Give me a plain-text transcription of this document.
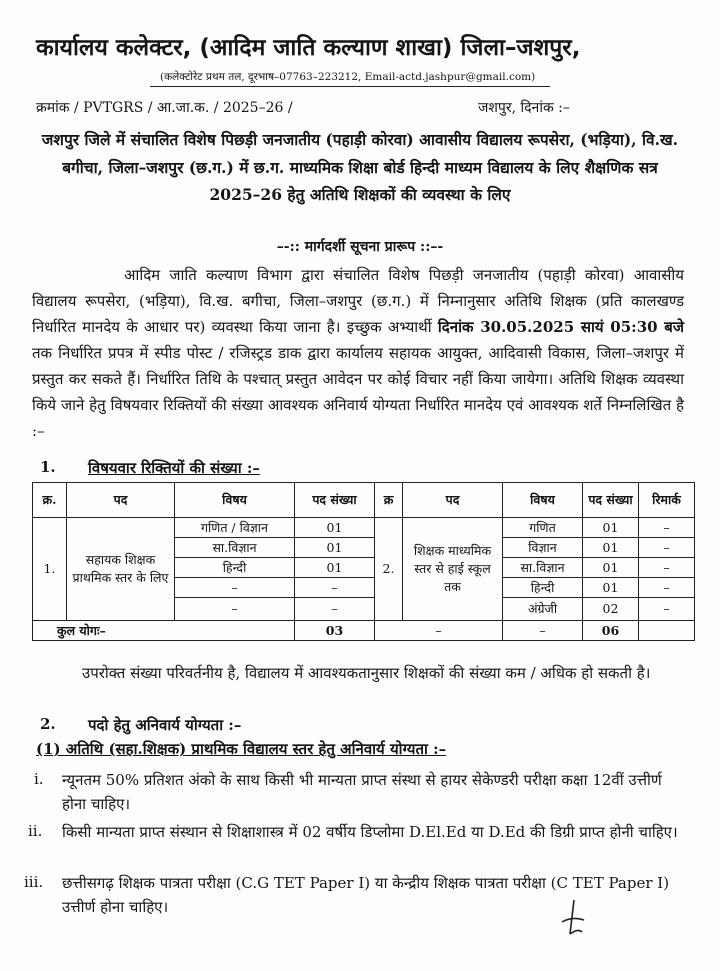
कार्यालय कलेक्टर, (आदिम जाति कल्याण शाखा) जिला–जशपुर,
(कलेक्टोरेट प्रथम तल, दूरभाष–07763–223212, Email-actd.jashpur@gmail.com)
क्रमांक / PVTGRS / आ.जा.क. / 2025–26 /	जशपुर, दिनांक :–
जशपुर जिले में संचालित विशेष पिछड़ी जनजातीय (पहाड़ी कोरवा) आवासीय विद्यालय रूपसेरा, (भड़िया), वि.ख. बगीचा, जिला–जशपुर (छ.ग.) में छ.ग. माध्यमिक शिक्षा बोर्ड हिन्दी माध्यम विद्यालय के लिए शैक्षणिक सत्र 2025–26 हेतु अतिथि शिक्षकों की व्यवस्था के लिए
–-:: मार्गदर्शी सूचना प्रारूप ::–-
आदिम जाति कल्याण विभाग द्वारा संचालित विशेष पिछड़ी जनजातीय (पहाड़ी कोरवा) आवासीय विद्यालय रूपसेरा, (भड़िया), वि.ख. बगीचा, जिला–जशपुर (छ.ग.) में निम्नानुसार अतिथि शिक्षक (प्रति कालखण्ड निर्धारित मानदेय के आधार पर) व्यवस्था किया जाना है। इच्छुक अभ्यार्थी दिनांक 30.05.2025 सायं 05:30 बजे तक निर्धारित प्रपत्र में स्पीड पोस्ट / रजिस्ट्रड डाक द्वारा कार्यालय सहायक आयुक्त, आदिवासी विकास, जिला–जशपुर में प्रस्तुत कर सकते हैं। निर्धारित तिथि के पश्चात् प्रस्तुत आवेदन पर कोई विचार नहीं किया जायेगा। अतिथि शिक्षक व्यवस्था किये जाने हेतु विषयवार रिक्तियों की संख्या आवश्यक अनिवार्य योग्यता निर्धारित मानदेय एवं आवश्यक शर्ते निम्नलिखित है :–
1. विषयवार रिक्तियों की संख्या :–
क्र.	पद	विषय	पद संख्या	क्र	पद	विषय	पद संख्या	रिमार्क
1.	सहायक शिक्षक प्राथमिक स्तर के लिए	गणित / विज्ञान	01	2.	शिक्षक माध्यमिक स्तर से हाई स्कूल तक	गणित	01	–
		सा.विज्ञान	01			विज्ञान	01	–
		हिन्दी	01			सा.विज्ञान	01	–
		–	–			हिन्दी	01	–
		–	–			अंग्रेजी	02	–
कुल योगः–			03	–		–	06	
उपरोक्त संख्या परिवर्तनीय है, विद्यालय में आवश्यकतानुसार शिक्षकों की संख्या कम / अधिक हो सकती है।
2. पदो हेतु अनिवार्य योग्यता :–
(1) अतिथि (सहा.शिक्षक) प्राथमिक विद्यालय स्तर हेतु अनिवार्य योग्यता :–
i.	न्यूनतम 50% प्रतिशत अंको के साथ किसी भी मान्यता प्राप्त संस्था से हायर सेकेण्डरी परीक्षा कक्षा 12वीं उत्तीर्ण होना चाहिए।
ii.	किसी मान्यता प्राप्त संस्थान से शिक्षाशास्त्र में 02 वर्षीय डिप्लोमा D.El.Ed या D.Ed की डिग्री प्राप्त होनी चाहिए।
iii.	छत्तीसगढ़ शिक्षक पात्रता परीक्षा (C.G TET Paper I) या केन्द्रीय शिक्षक पात्रता परीक्षा (C TET Paper I) उत्तीर्ण होना चाहिए।
